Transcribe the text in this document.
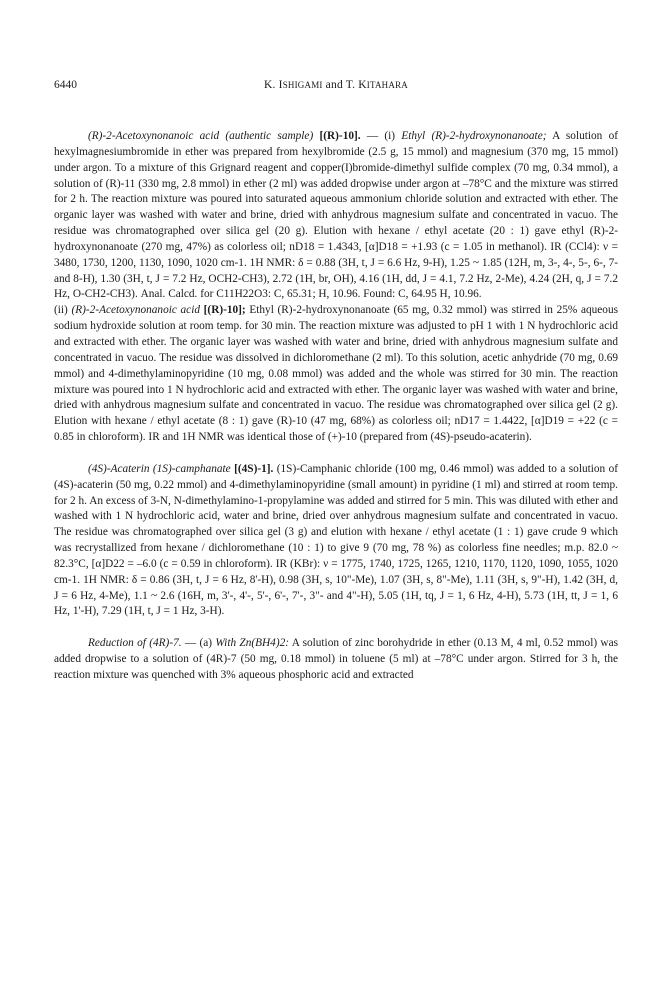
6440	K. ISHIGAMI and T. KITAHARA

(R)-2-Acetoxynonanoic acid (authentic sample) [(R)-10]. — (i) Ethyl (R)-2-hydroxynonanoate; A solution of hexylmagnesiumbromide in ether was prepared from hexylbromide (2.5 g, 15 mmol) and magnesium (370 mg, 15 mmol) under argon. To a mixture of this Grignard reagent and copper(I)bromide-dimethyl sulfide complex (70 mg, 0.34 mmol), a solution of (R)-11 (330 mg, 2.8 mmol) in ether (2 ml) was added dropwise under argon at –78°C and the mixture was stirred for 2 h. The reaction mixture was poured into saturated aqueous ammonium chloride solution and extracted with ether. The organic layer was washed with water and brine, dried with anhydrous magnesium sulfate and concentrated in vacuo. The residue was chromatographed over silica gel (20 g). Elution with hexane / ethyl acetate (20 : 1) gave ethyl (R)-2-hydroxynonanoate (270 mg, 47%) as colorless oil; nD18 = 1.4343, [α]D18 = +1.93 (c = 1.05 in methanol). IR (CCl4): ν = 3480, 1730, 1200, 1130, 1090, 1020 cm-1. 1H NMR: δ = 0.88 (3H, t, J = 6.6 Hz, 9-H), 1.25 ~ 1.85 (12H, m, 3-, 4-, 5-, 6-, 7- and 8-H), 1.30 (3H, t, J = 7.2 Hz, OCH2-CH3), 2.72 (1H, br, OH), 4.16 (1H, dd, J = 4.1, 7.2 Hz, 2-Me), 4.24 (2H, q, J = 7.2 Hz, O-CH2-CH3). Anal. Calcd. for C11H22O3: C, 65.31; H, 10.96. Found: C, 64.95 H, 10.96.

(ii) (R)-2-Acetoxynonanoic acid [(R)-10]; Ethyl (R)-2-hydroxynonanoate (65 mg, 0.32 mmol) was stirred in 25% aqueous sodium hydroxide solution at room temp. for 30 min. The reaction mixture was adjusted to pH 1 with 1 N hydrochloric acid and extracted with ether. The organic layer was washed with water and brine, dried with anhydrous magnesium sulfate and concentrated in vacuo. The residue was dissolved in dichloromethane (2 ml). To this solution, acetic anhydride (70 mg, 0.69 mmol) and 4-dimethylaminopyridine (10 mg, 0.08 mmol) was added and the whole was stirred for 30 min. The reaction mixture was poured into 1 N hydrochloric acid and extracted with ether. The organic layer was washed with water and brine, dried with anhydrous magnesium sulfate and concentrated in vacuo. The residue was chromatographed over silica gel (2 g). Elution with hexane / ethyl acetate (8 : 1) gave (R)-10 (47 mg, 68%) as colorless oil; nD17 = 1.4422, [α]D19 = +22 (c = 0.85 in chloroform). IR and 1H NMR was identical those of (+)-10 (prepared from (4S)-pseudo-acaterin).

(4S)-Acaterin (1S)-camphanate [(4S)-1]. (1S)-Camphanic chloride (100 mg, 0.46 mmol) was added to a solution of (4S)-acaterin (50 mg, 0.22 mmol) and 4-dimethylaminopyridine (small amount) in pyridine (1 ml) and stirred at room temp. for 2 h. An excess of 3-N, N-dimethylamino-1-propylamine was added and stirred for 5 min. This was diluted with ether and washed with 1 N hydrochloric acid, water and brine, dried over anhydrous magnesium sulfate and concentrated in vacuo. The residue was chromatographed over silica gel (3 g) and elution with hexane / ethyl acetate (1 : 1) gave crude 9 which was recrystallized from hexane / dichloromethane (10 : 1) to give 9 (70 mg, 78 %) as colorless fine needles; m.p. 82.0 ~ 82.3°C, [α]D22 = –6.0 (c = 0.59 in chloroform). IR (KBr): ν = 1775, 1740, 1725, 1265, 1210, 1170, 1120, 1090, 1055, 1020 cm-1. 1H NMR: δ = 0.86 (3H, t, J = 6 Hz, 8'-H), 0.98 (3H, s, 10"-Me), 1.07 (3H, s, 8"-Me), 1.11 (3H, s, 9"-H), 1.42 (3H, d, J = 6 Hz, 4-Me), 1.1 ~ 2.6 (16H, m, 3'-, 4'-, 5'-, 6'-, 7'-, 3"- and 4"-H), 5.05 (1H, tq, J = 1, 6 Hz, 4-H), 5.73 (1H, tt, J = 1, 6 Hz, 1'-H), 7.29 (1H, t, J = 1 Hz, 3-H).

Reduction of (4R)-7. — (a) With Zn(BH4)2: A solution of zinc borohydride in ether (0.13 M, 4 ml, 0.52 mmol) was added dropwise to a solution of (4R)-7 (50 mg, 0.18 mmol) in toluene (5 ml) at –78°C under argon. Stirred for 3 h, the reaction mixture was quenched with 3% aqueous phosphoric acid and extracted
